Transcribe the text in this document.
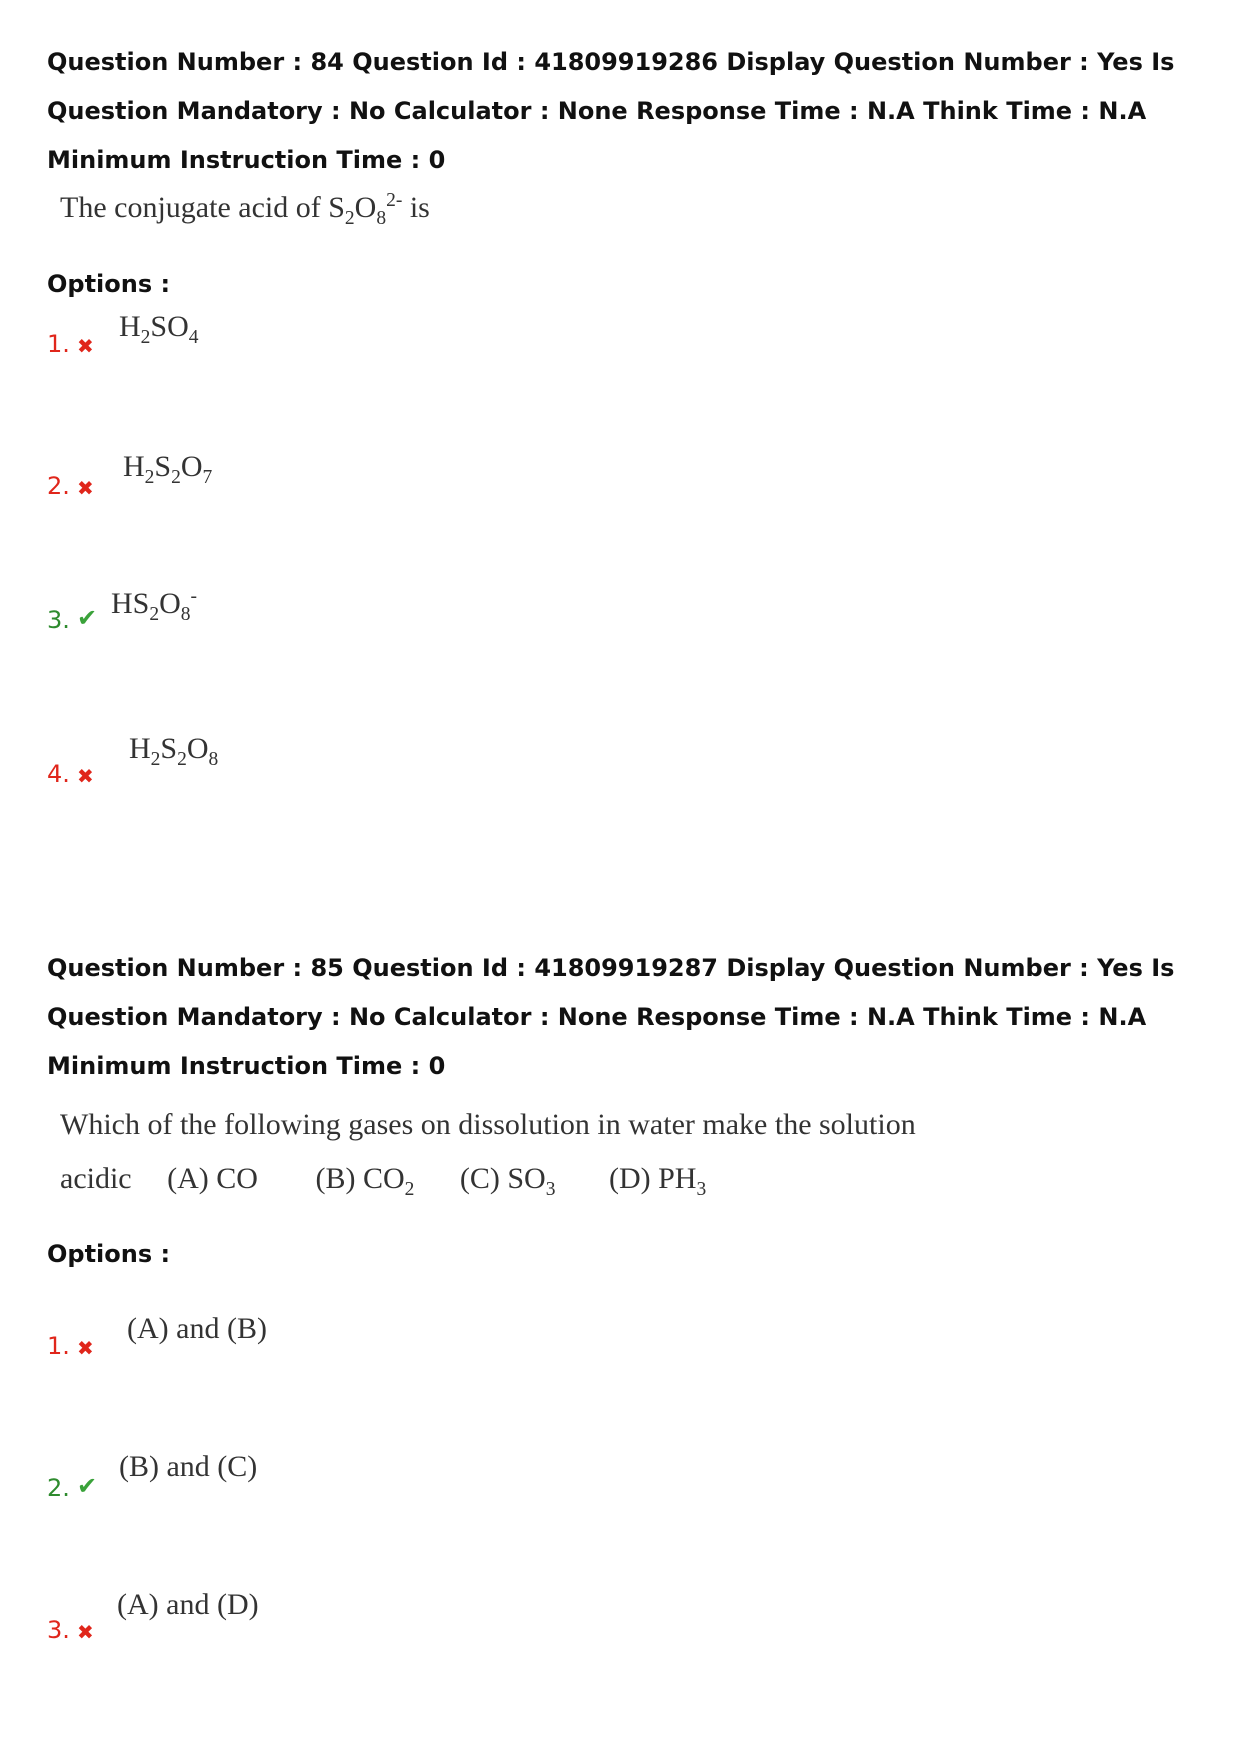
Question Number : 84 Question Id : 41809919286 Display Question Number : Yes Is Question Mandatory : No Calculator : None Response Time : N.A Think Time : N.A Minimum Instruction Time : 0
The conjugate acid of $S_2O_8^{2-}$ is
Options :
1. ✖
$H_2SO_4$
2. ✖
$H_2S_2O_7$
3. ✔ $HS_2O_8^-$
4. ✖
$H_2S_2O_8$
Question Number : 85 Question Id : 41809919287 Display Question Number : Yes Is Question Mandatory : No Calculator : None Response Time : N.A Think Time : N.A Minimum Instruction Time : 0
Which of the following gases on dissolution in water make the solution
acidic (A) CO (B) $CO_2$ (C) $SO_3$ (D) $PH_3$
Options :
1. ✖
(A) and (B)
2. ✔
(B) and (C)
3. ✖
(A) and (D)
